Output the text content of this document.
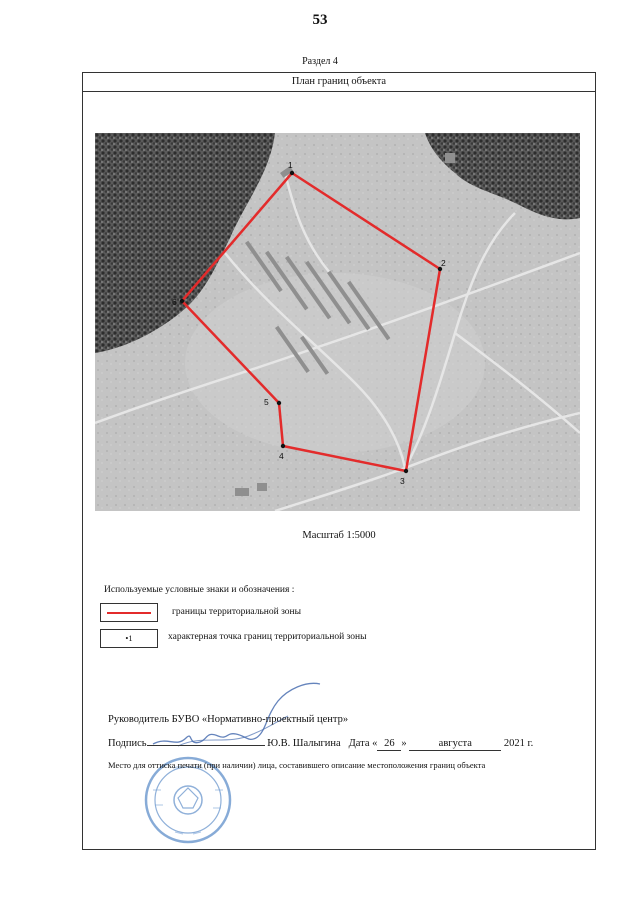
53
Раздел 4
План границ объекта
1
2
3
4
5
6
Масштаб 1:5000
Используемые условные знаки и обозначения :
границы территориальной зоны
•1	характерная точка границ территориальной зоны
Руководитель БУВО «Нормативно-проектный центр»
Подпись	Ю.В. Шалыгина Дата « 26 »	августа	2021 г.
Место для оттиска печати (при наличии) лица, составившего описание местоположения границ объекта
